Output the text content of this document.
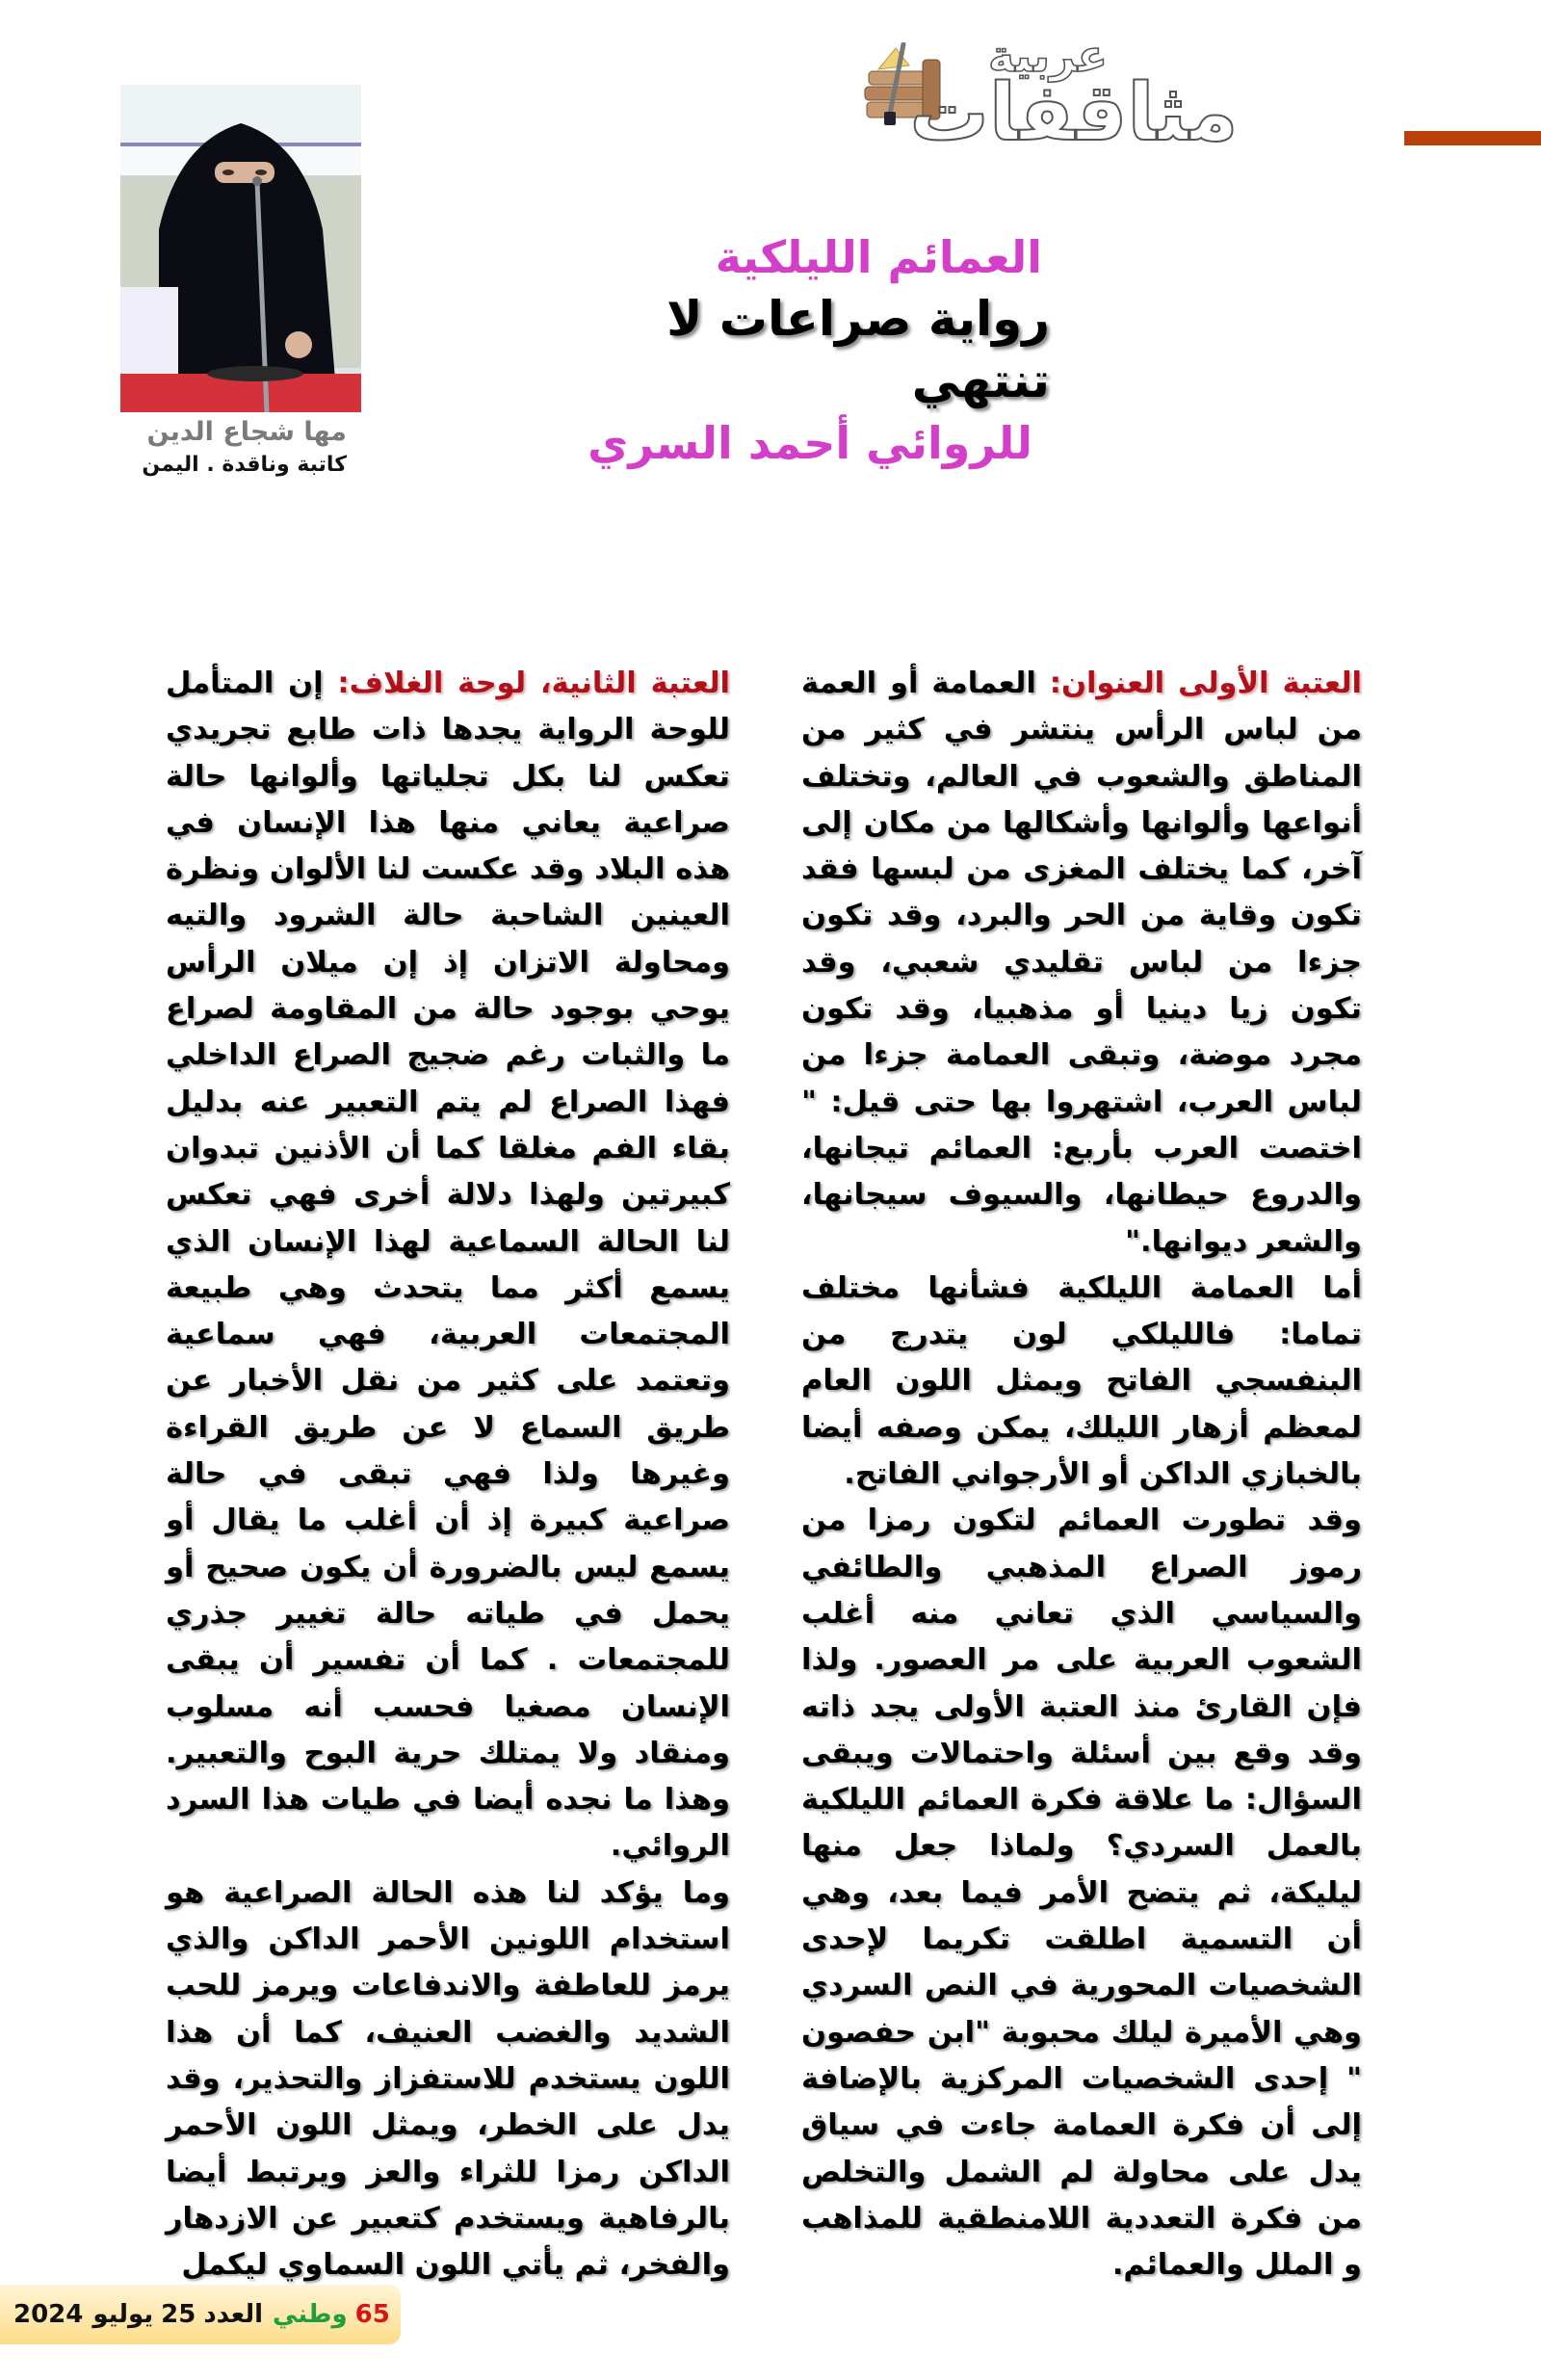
مثاقفات
عربية
مها شجاع الدين
كاتبة وناقدة . اليمن
العمائم الليلكية
رواية صراعات لا تنتهي
للروائي أحمد السري

العتبة الأولى العنوان: العمامة أو العمة من لباس الرأس ينتشر في كثير من المناطق والشعوب في العالم، وتختلف أنواعها وألوانها وأشكالها من مكان إلى آخر، كما يختلف المغزى من لبسها فقد تكون وقاية من الحر والبرد، وقد تكون جزءا من لباس تقليدي شعبي، وقد تكون زيا دينيا أو مذهبيا، وقد تكون مجرد موضة، وتبقى العمامة جزءا من لباس العرب، اشتهروا بها حتى قيل: " اختصت العرب بأربع: العمائم تيجانها، والدروع حيطانها، والسيوف سيجانها، والشعر ديوانها."

أما العمامة الليلكية فشأنها مختلف تماما: فالليلكي لون يتدرج من البنفسجي الفاتح ويمثل اللون العام لمعظم أزهار الليلك، يمكن وصفه أيضا بالخبازي الداكن أو الأرجواني الفاتح.

وقد تطورت العمائم لتكون رمزا من رموز الصراع المذهبي والطائفي والسياسي الذي تعاني منه أغلب الشعوب العربية على مر العصور. ولذا فإن القارئ منذ العتبة الأولى يجد ذاته وقد وقع بين أسئلة واحتمالات ويبقى السؤال: ما علاقة فكرة العمائم الليلكية بالعمل السردي؟ ولماذا جعل منها ليليكة، ثم يتضح الأمر فيما بعد، وهي أن التسمية اطلقت تكريما لإحدى الشخصيات المحورية في النص السردي وهي الأميرة ليلك محبوبة "ابن حفصون " إحدى الشخصيات المركزية بالإضافة إلى أن فكرة العمامة جاءت في سياق يدل على محاولة لم الشمل والتخلص من فكرة التعددية اللامنطقية للمذاهب و الملل والعمائم.

العتبة الثانية، لوحة الغلاف: إن المتأمل للوحة الرواية يجدها ذات طابع تجريدي تعكس لنا بكل تجلياتها وألوانها حالة صراعية يعاني منها هذا الإنسان في هذه البلاد وقد عكست لنا الألوان ونظرة العينين الشاحبة حالة الشرود والتيه ومحاولة الاتزان إذ إن ميلان الرأس يوحي بوجود حالة من المقاومة لصراع ما والثبات رغم ضجيج الصراع الداخلي فهذا الصراع لم يتم التعبير عنه بدليل بقاء الفم مغلقا كما أن الأذنين تبدوان كبيرتين ولهذا دلالة أخرى فهي تعكس لنا الحالة السماعية لهذا الإنسان الذي يسمع أكثر مما يتحدث وهي طبيعة المجتمعات العربية، فهي سماعية وتعتمد على كثير من نقل الأخبار عن طريق السماع لا عن طريق القراءة وغيرها ولذا فهي تبقى في حالة صراعية كبيرة إذ أن أغلب ما يقال أو يسمع ليس بالضرورة أن يكون صحيح أو يحمل في طياته حالة تغيير جذري للمجتمعات . كما أن تفسير أن يبقى الإنسان مصغيا فحسب أنه مسلوب ومنقاد ولا يمتلك حرية البوح والتعبير. وهذا ما نجده أيضا في طيات هذا السرد الروائي.

وما يؤكد لنا هذه الحالة الصراعية هو استخدام اللونين الأحمر الداكن والذي يرمز للعاطفة والاندفاعات ويرمز للحب الشديد والغضب العنيف، كما أن هذا اللون يستخدم للاستفزاز والتحذير، وقد يدل على الخطر، ويمثل اللون الأحمر الداكن رمزا للثراء والعز ويرتبط أيضا بالرفاهية ويستخدم كتعبير عن الازدهار والفخر، ثم يأتي اللون السماوي ليكمل

2024 يوليو 25 العدد وطني 65
